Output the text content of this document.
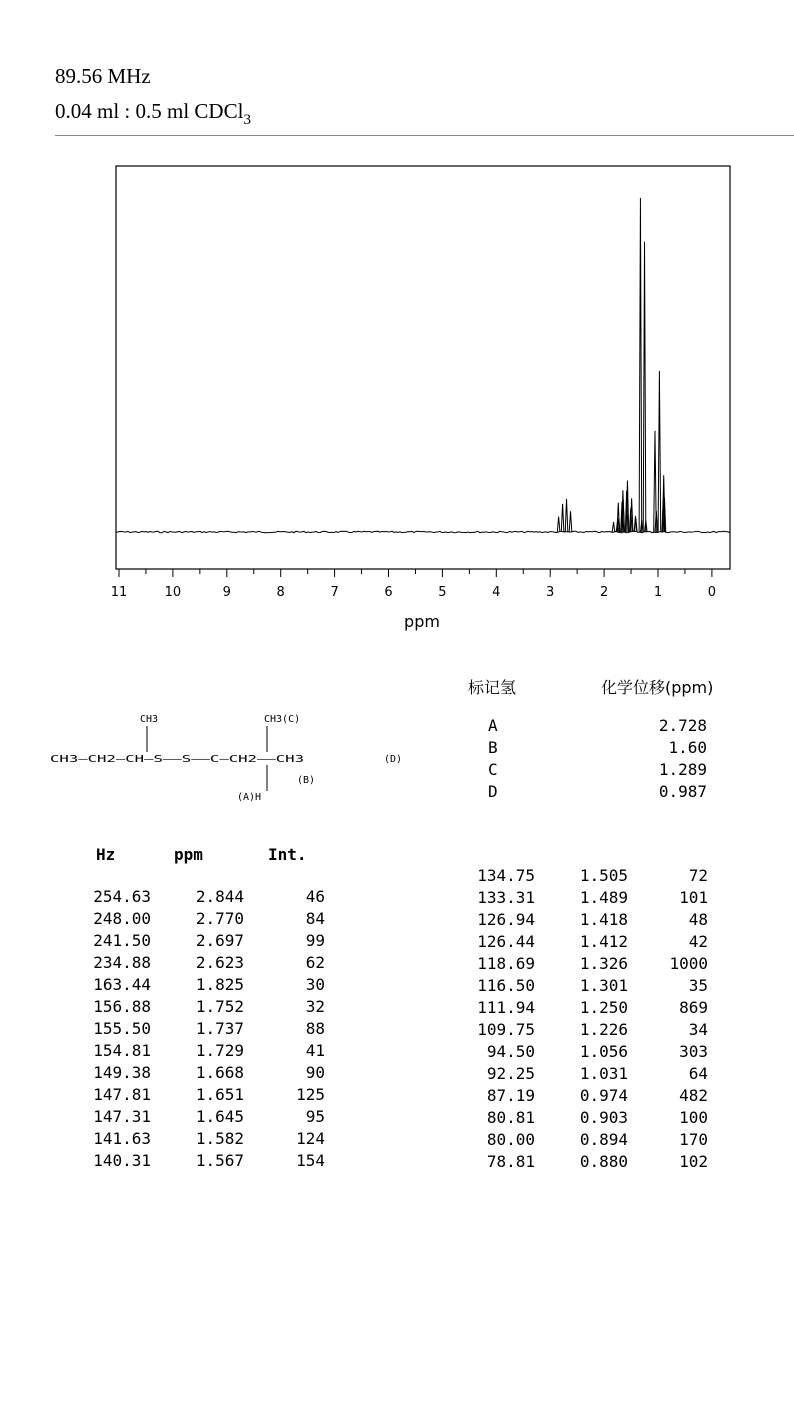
89.56 MHz
0.04 ml : 0.5 ml CDCl$_3$
11	10	9	8	7	6	5	4	3	2	1	0
ppm
CH3	CH3(C)
CH3—CH2—CH—S——S——C—CH2——CH3	(D)
(B)
(A)H
标记氢	化学位移(ppm)
A	2.728
B	1.60
C	1.289
D	0.987
Hz	ppm	Int.
254.63	2.844	46
248.00	2.770	84
241.50	2.697	99
234.88	2.623	62
163.44	1.825	30
156.88	1.752	32
155.50	1.737	88
154.81	1.729	41
149.38	1.668	90
147.81	1.651	125
147.31	1.645	95
141.63	1.582	124
140.31	1.567	154
134.75	1.505	72
133.31	1.489	101
126.94	1.418	48
126.44	1.412	42
118.69	1.326	1000
116.50	1.301	35
111.94	1.250	869
109.75	1.226	34
94.50	1.056	303
92.25	1.031	64
87.19	0.974	482
80.81	0.903	100
80.00	0.894	170
78.81	0.880	102
